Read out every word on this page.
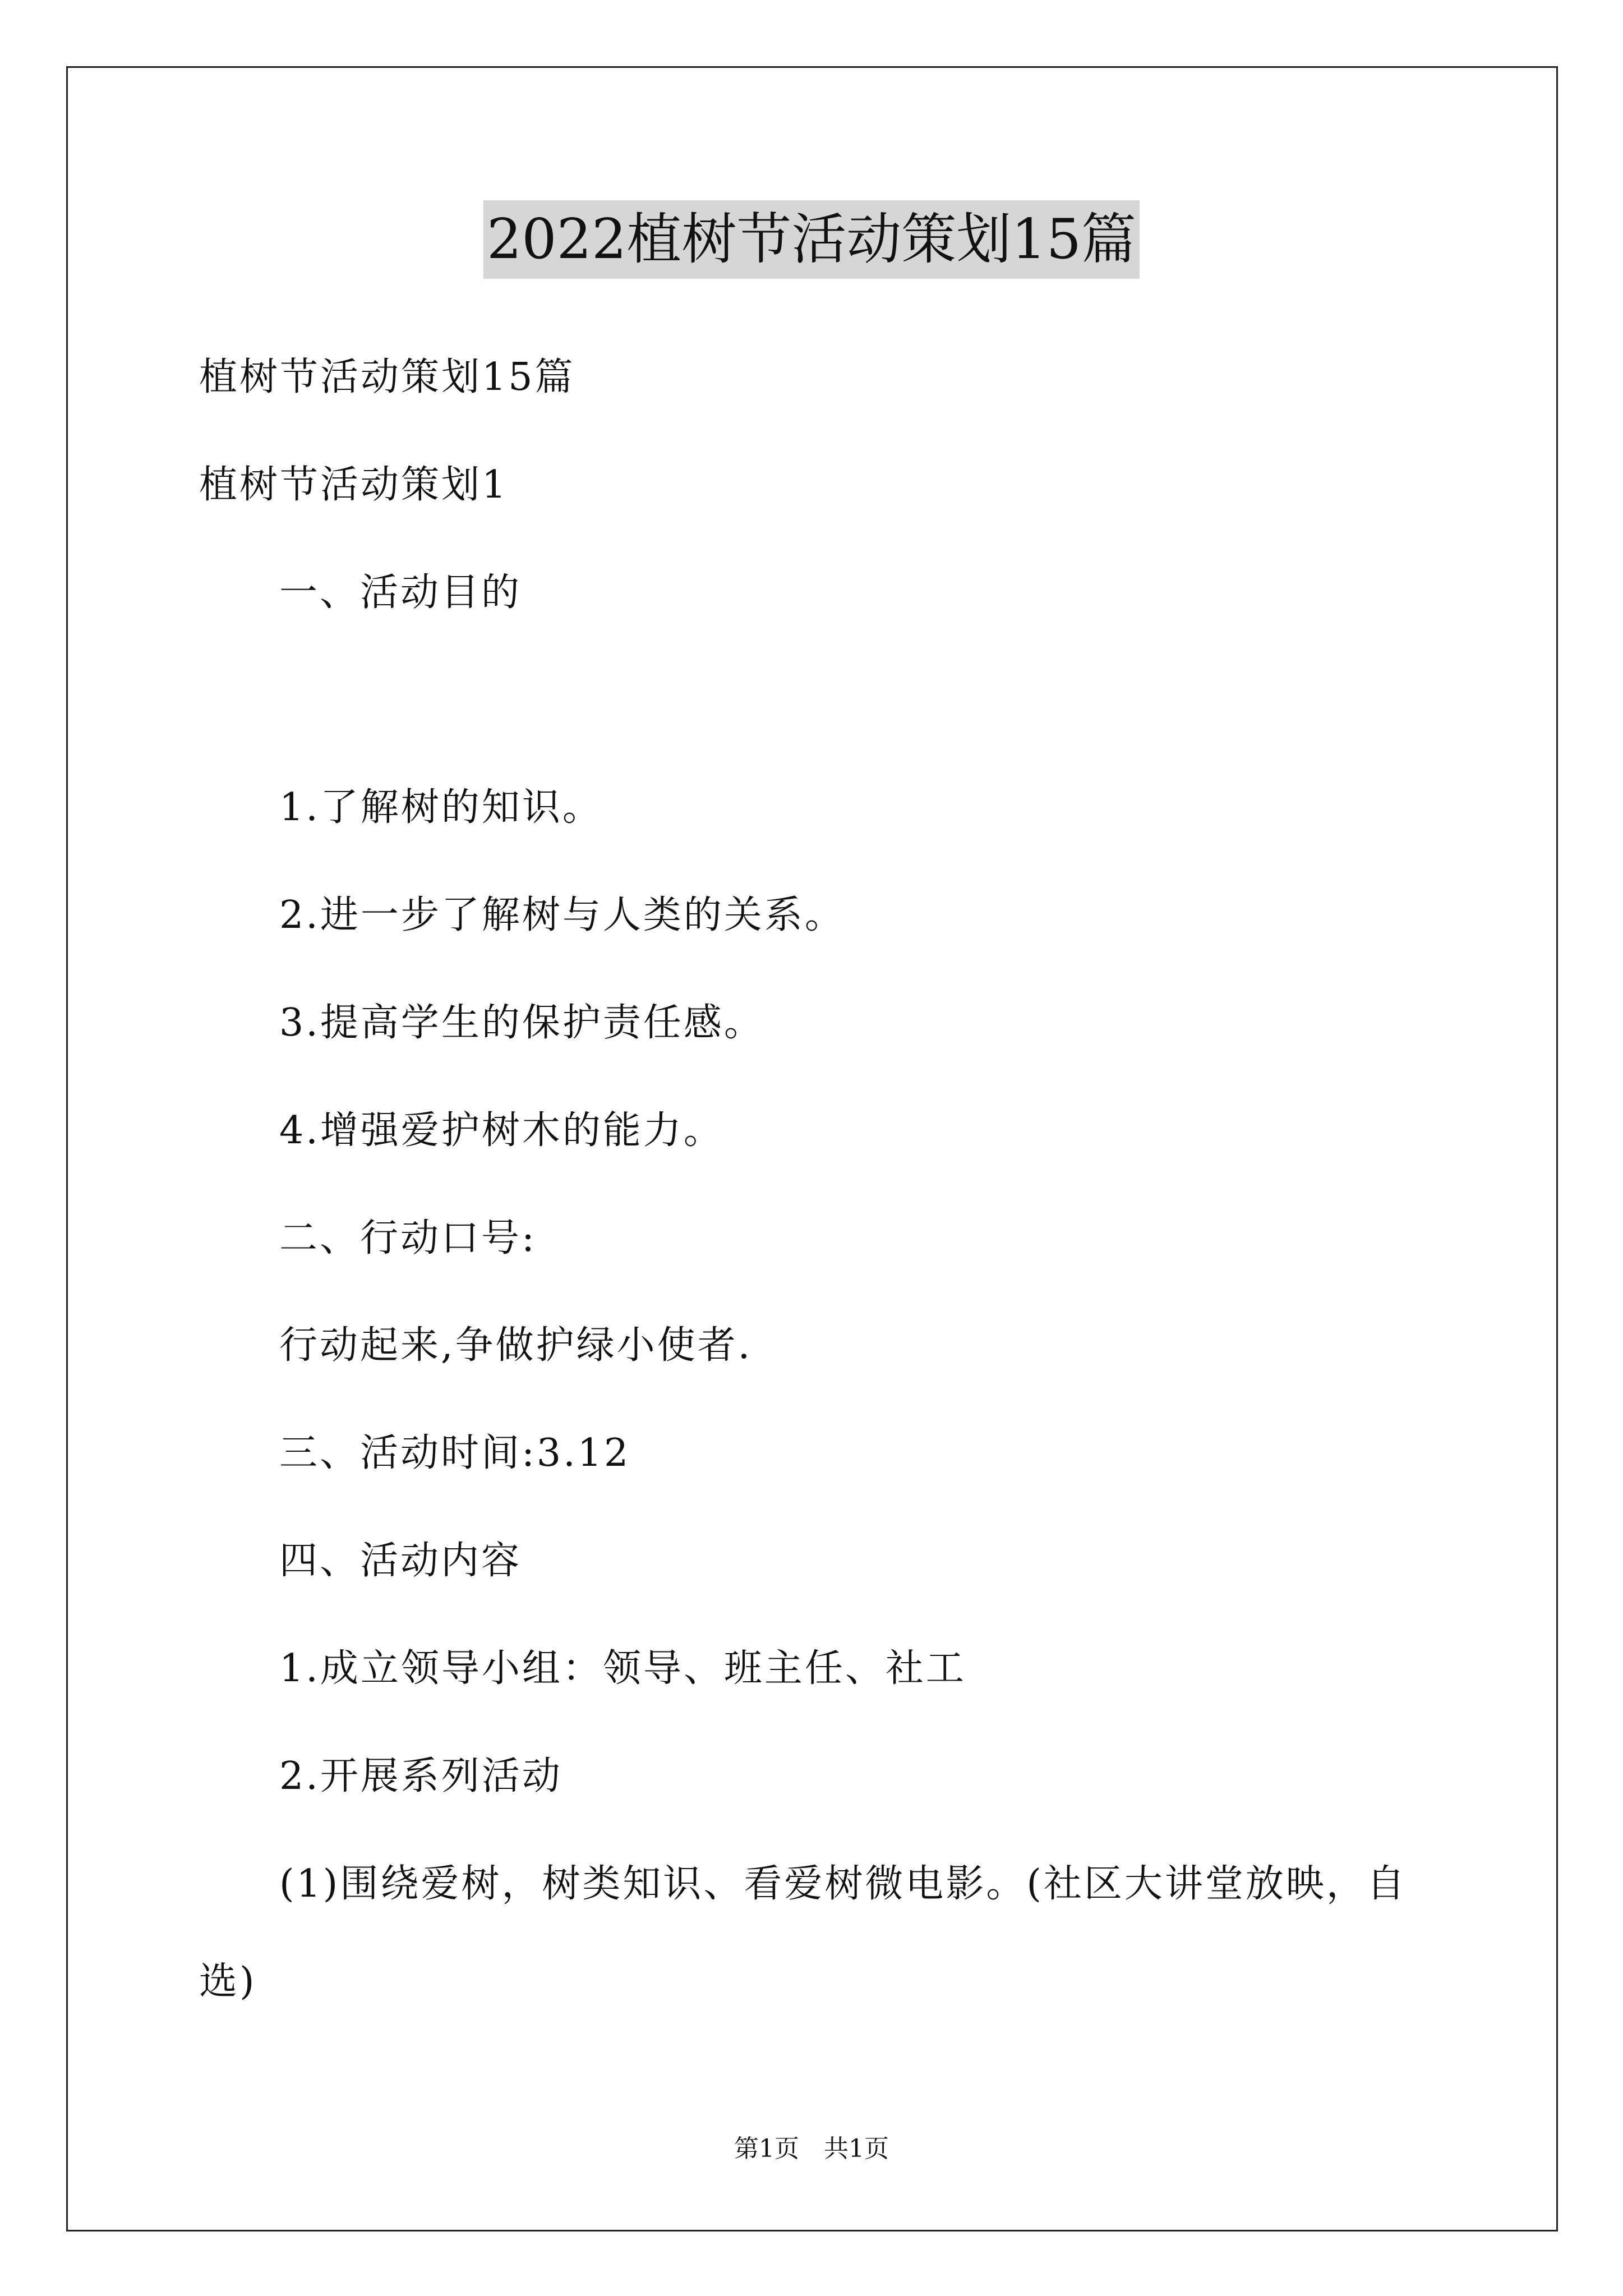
2022植树节活动策划15篇
植树节活动策划15篇
植树节活动策划1
一、活动目的
1.了解树的知识。
2.进一步了解树与人类的关系。
3.提高学生的保护责任感。
4.增强爱护树木的能力。
二、行动口号:
行动起来,争做护绿小使者.
三、活动时间:3.12
四、活动内容
1.成立领导小组：领导、班主任、社工
2.开展系列活动
(1)围绕爱树，树类知识、看爱树微电影。(社区大讲堂放映，自
选)
第1页　共1页
